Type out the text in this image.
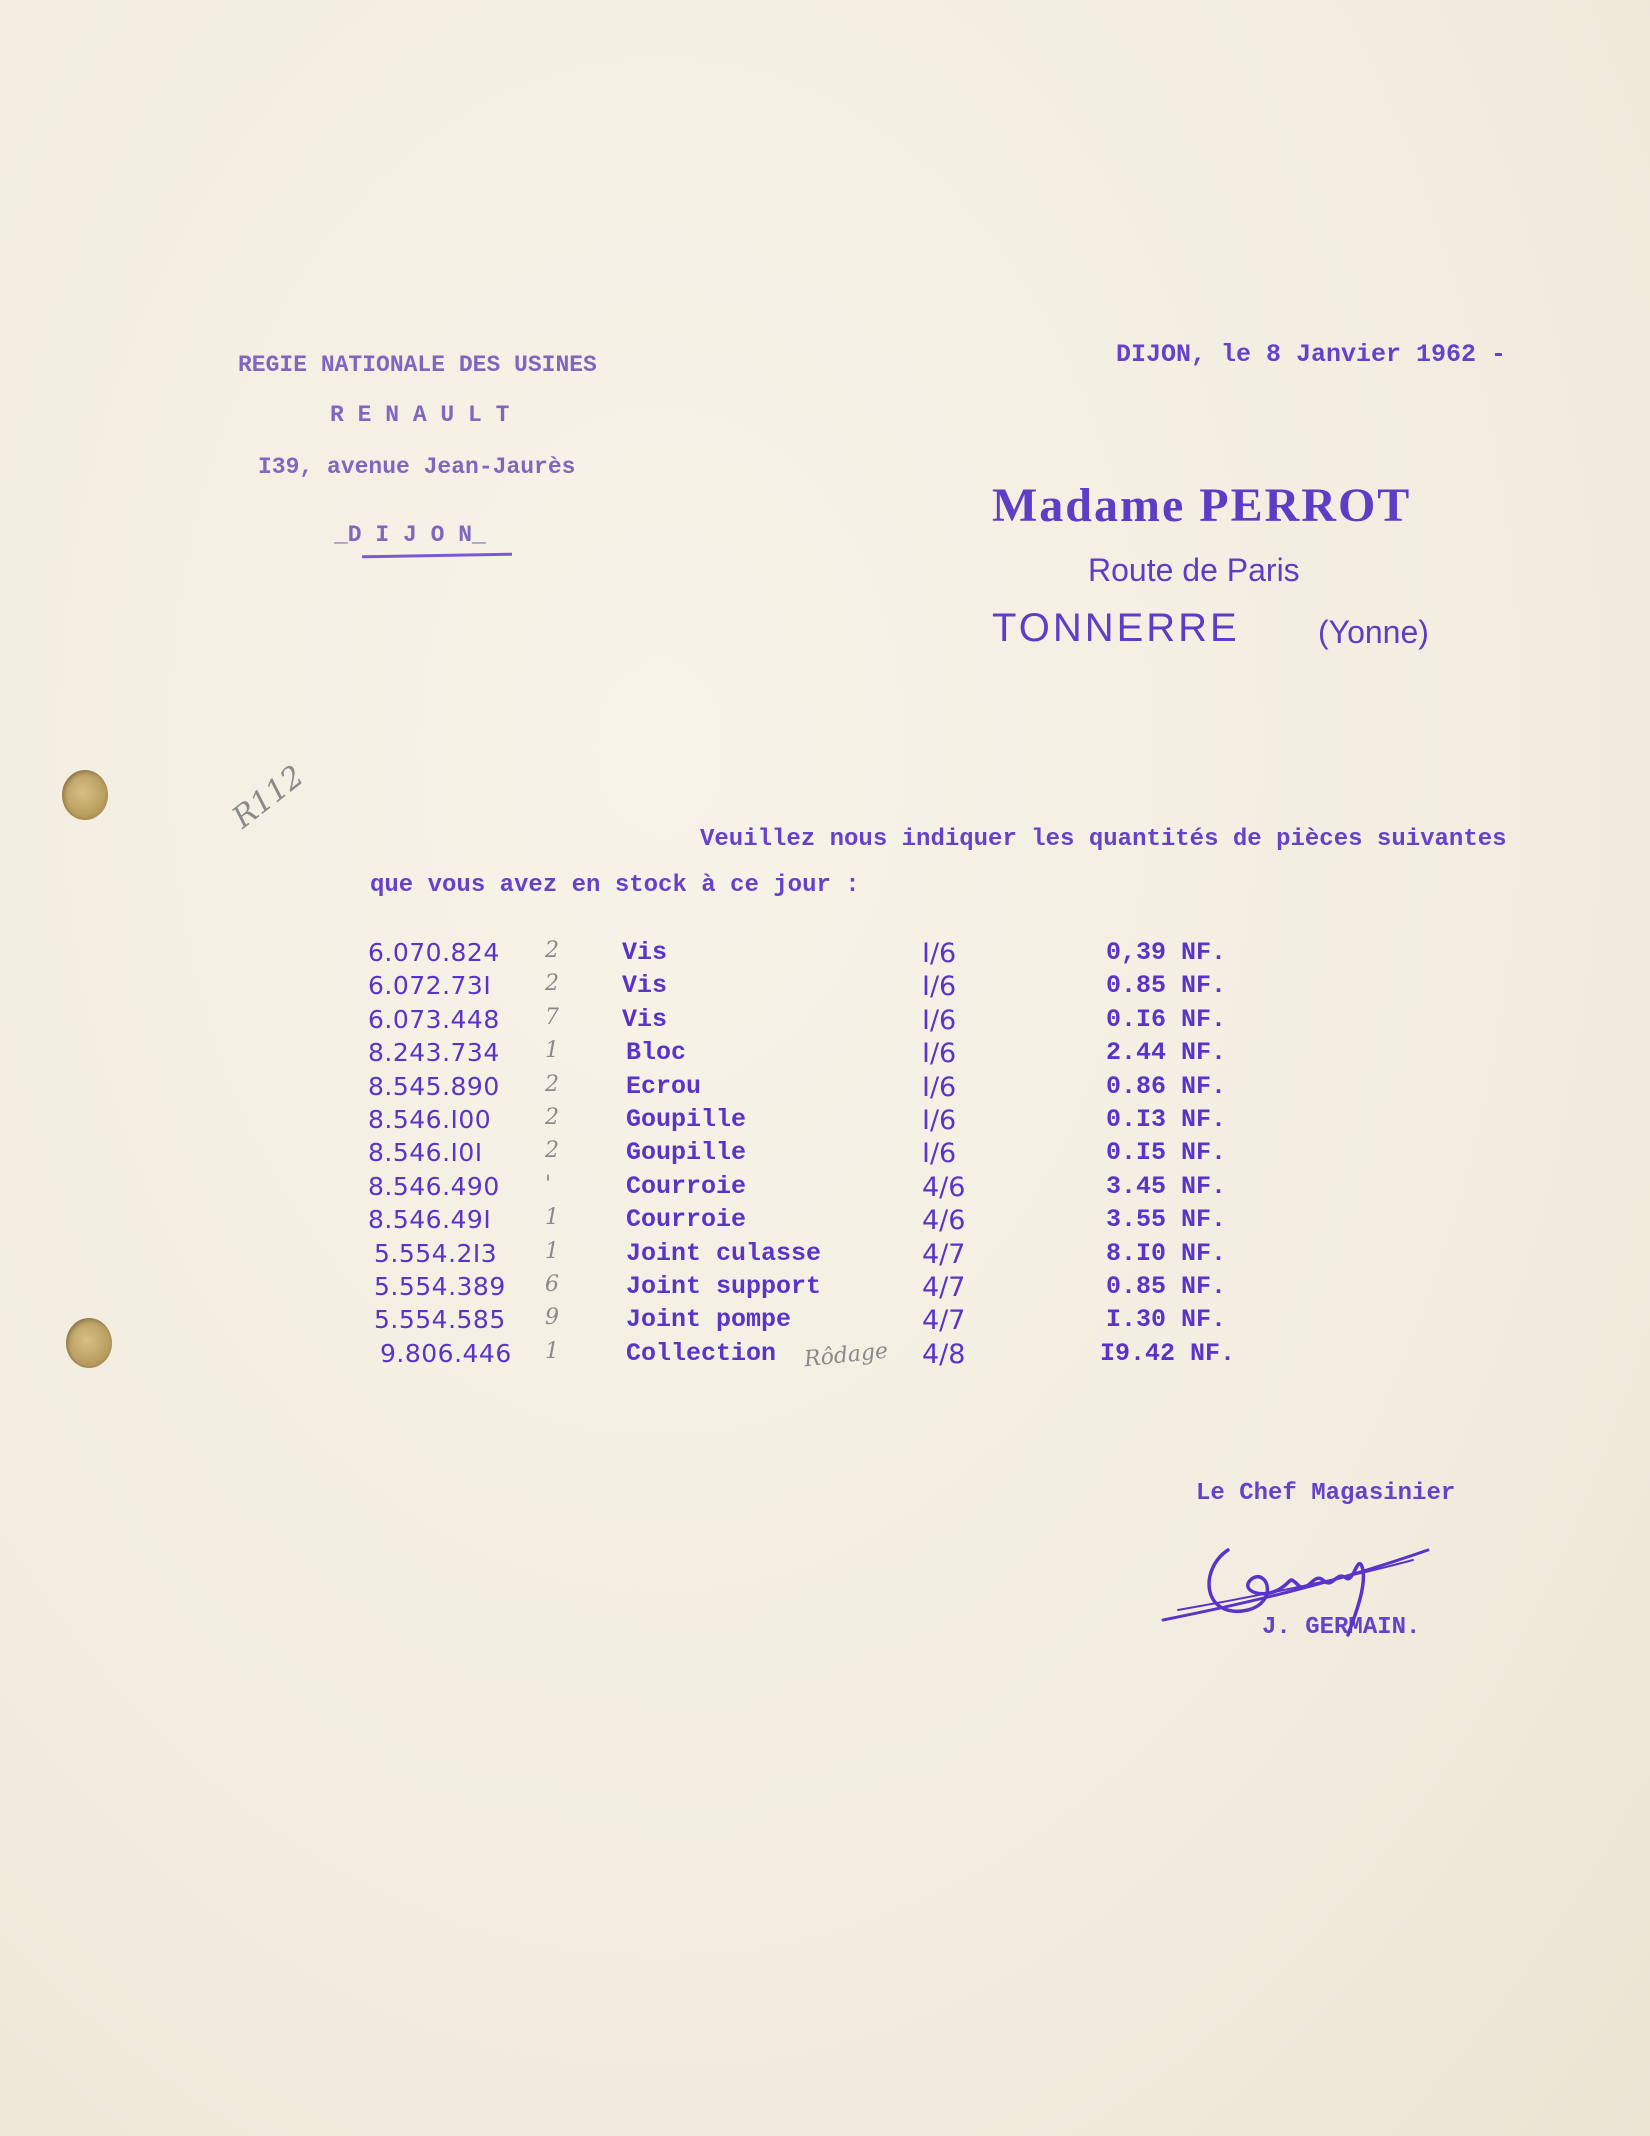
REGIE NATIONALE DES USINES
R E N A U L T
I39, avenue Jean-Jaurès
_D I J O N_
DIJON, le 8 Janvier 1962 -
Madame PERROT
Route de Paris
TONNERRE (Yonne)
R112
Veuillez nous indiquer les quantités de pièces suivantes
que vous avez en stock à ce jour :
6.070.824 2	Vis	I/6	0,39 NF.
6.072.73I 2	Vis	I/6	0.85 NF.
6.073.448 7	Vis	I/6	0.I6 NF.
8.243.734 1	Bloc	I/6	2.44 NF.
8.545.890 2	Ecrou	I/6	0.86 NF.
8.546.I00 2	Goupille	I/6	0.I3 NF.
8.546.I0I	2	Goupille	I/6	0.I5 NF.
8.546.490 '	Courroie	4/6	3.45 NF.
8.546.49I 1	Courroie	4/6	3.55 NF.
5.554.2I3 1	Joint culasse	4/7	8.I0 NF.
5.554.389 6	Joint support	4/7	0.85 NF.
5.554.585 9	Joint pompe	4/7	I.30 NF.
9.806.446 1	Collection Rôdage 4/8	I9.42 NF.
Le Chef Magasinier
J. GERMAIN.
